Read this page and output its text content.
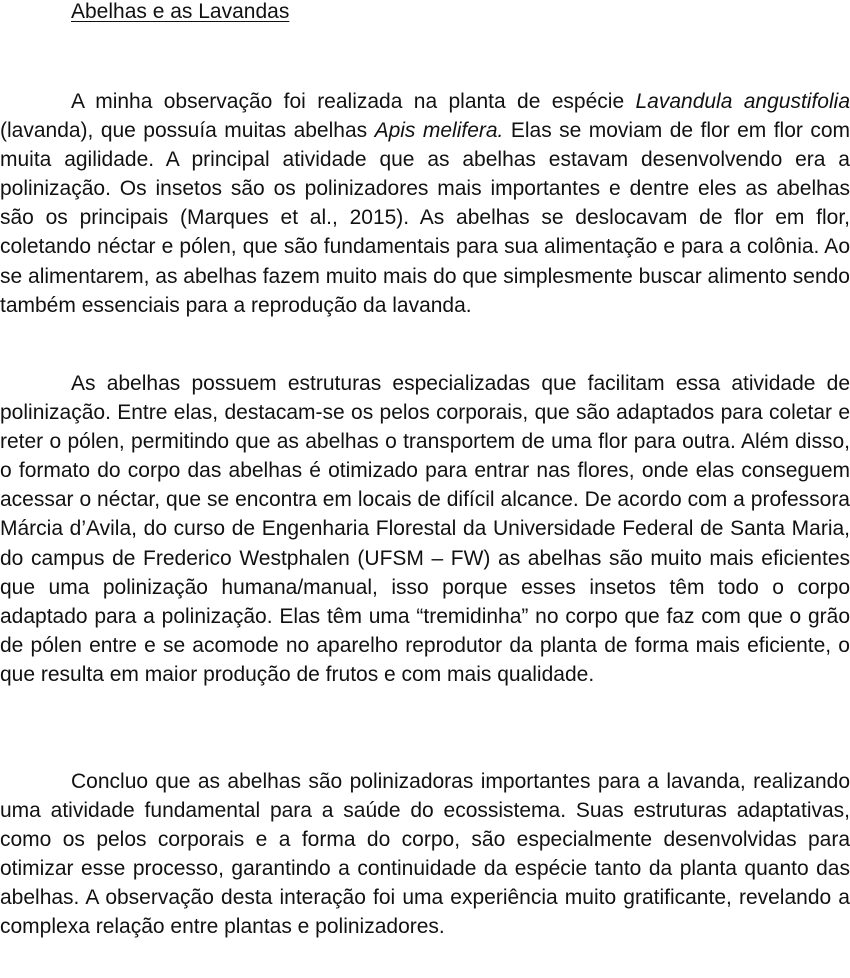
Abelhas e as Lavandas

A minha observação foi realizada na planta de espécie Lavandula angustifolia (lavanda), que possuía muitas abelhas Apis melifera. Elas se moviam de flor em flor com muita agilidade. A principal atividade que as abelhas estavam desenvolvendo era a polinização. Os insetos são os polinizadores mais importantes e dentre eles as abelhas são os principais (Marques et al., 2015). As abelhas se deslocavam de flor em flor, coletando néctar e pólen, que são fundamentais para sua alimentação e para a colônia. Ao se alimentarem, as abelhas fazem muito mais do que simplesmente buscar alimento sendo também essenciais para a reprodução da lavanda.

As abelhas possuem estruturas especializadas que facilitam essa atividade de polinização. Entre elas, destacam-se os pelos corporais, que são adaptados para coletar e reter o pólen, permitindo que as abelhas o transportem de uma flor para outra. Além disso, o formato do corpo das abelhas é otimizado para entrar nas flores, onde elas conseguem acessar o néctar, que se encontra em locais de difícil alcance. De acordo com a professora Márcia d’Avila, do curso de Engenharia Florestal da Universidade Federal de Santa Maria, do campus de Frederico Westphalen (UFSM – FW) as abelhas são muito mais eficientes que uma polinização humana/manual, isso porque esses insetos têm todo o corpo adaptado para a polinização. Elas têm uma “tremidinha” no corpo que faz com que o grão de pólen entre e se acomode no aparelho reprodutor da planta de forma mais eficiente, o que resulta em maior produção de frutos e com mais qualidade.

Concluo que as abelhas são polinizadoras importantes para a lavanda, realizando uma atividade fundamental para a saúde do ecossistema. Suas estruturas adaptativas, como os pelos corporais e a forma do corpo, são especialmente desenvolvidas para otimizar esse processo, garantindo a continuidade da espécie tanto da planta quanto das abelhas. A observação desta interação foi uma experiência muito gratificante, revelando a complexa relação entre plantas e polinizadores.
